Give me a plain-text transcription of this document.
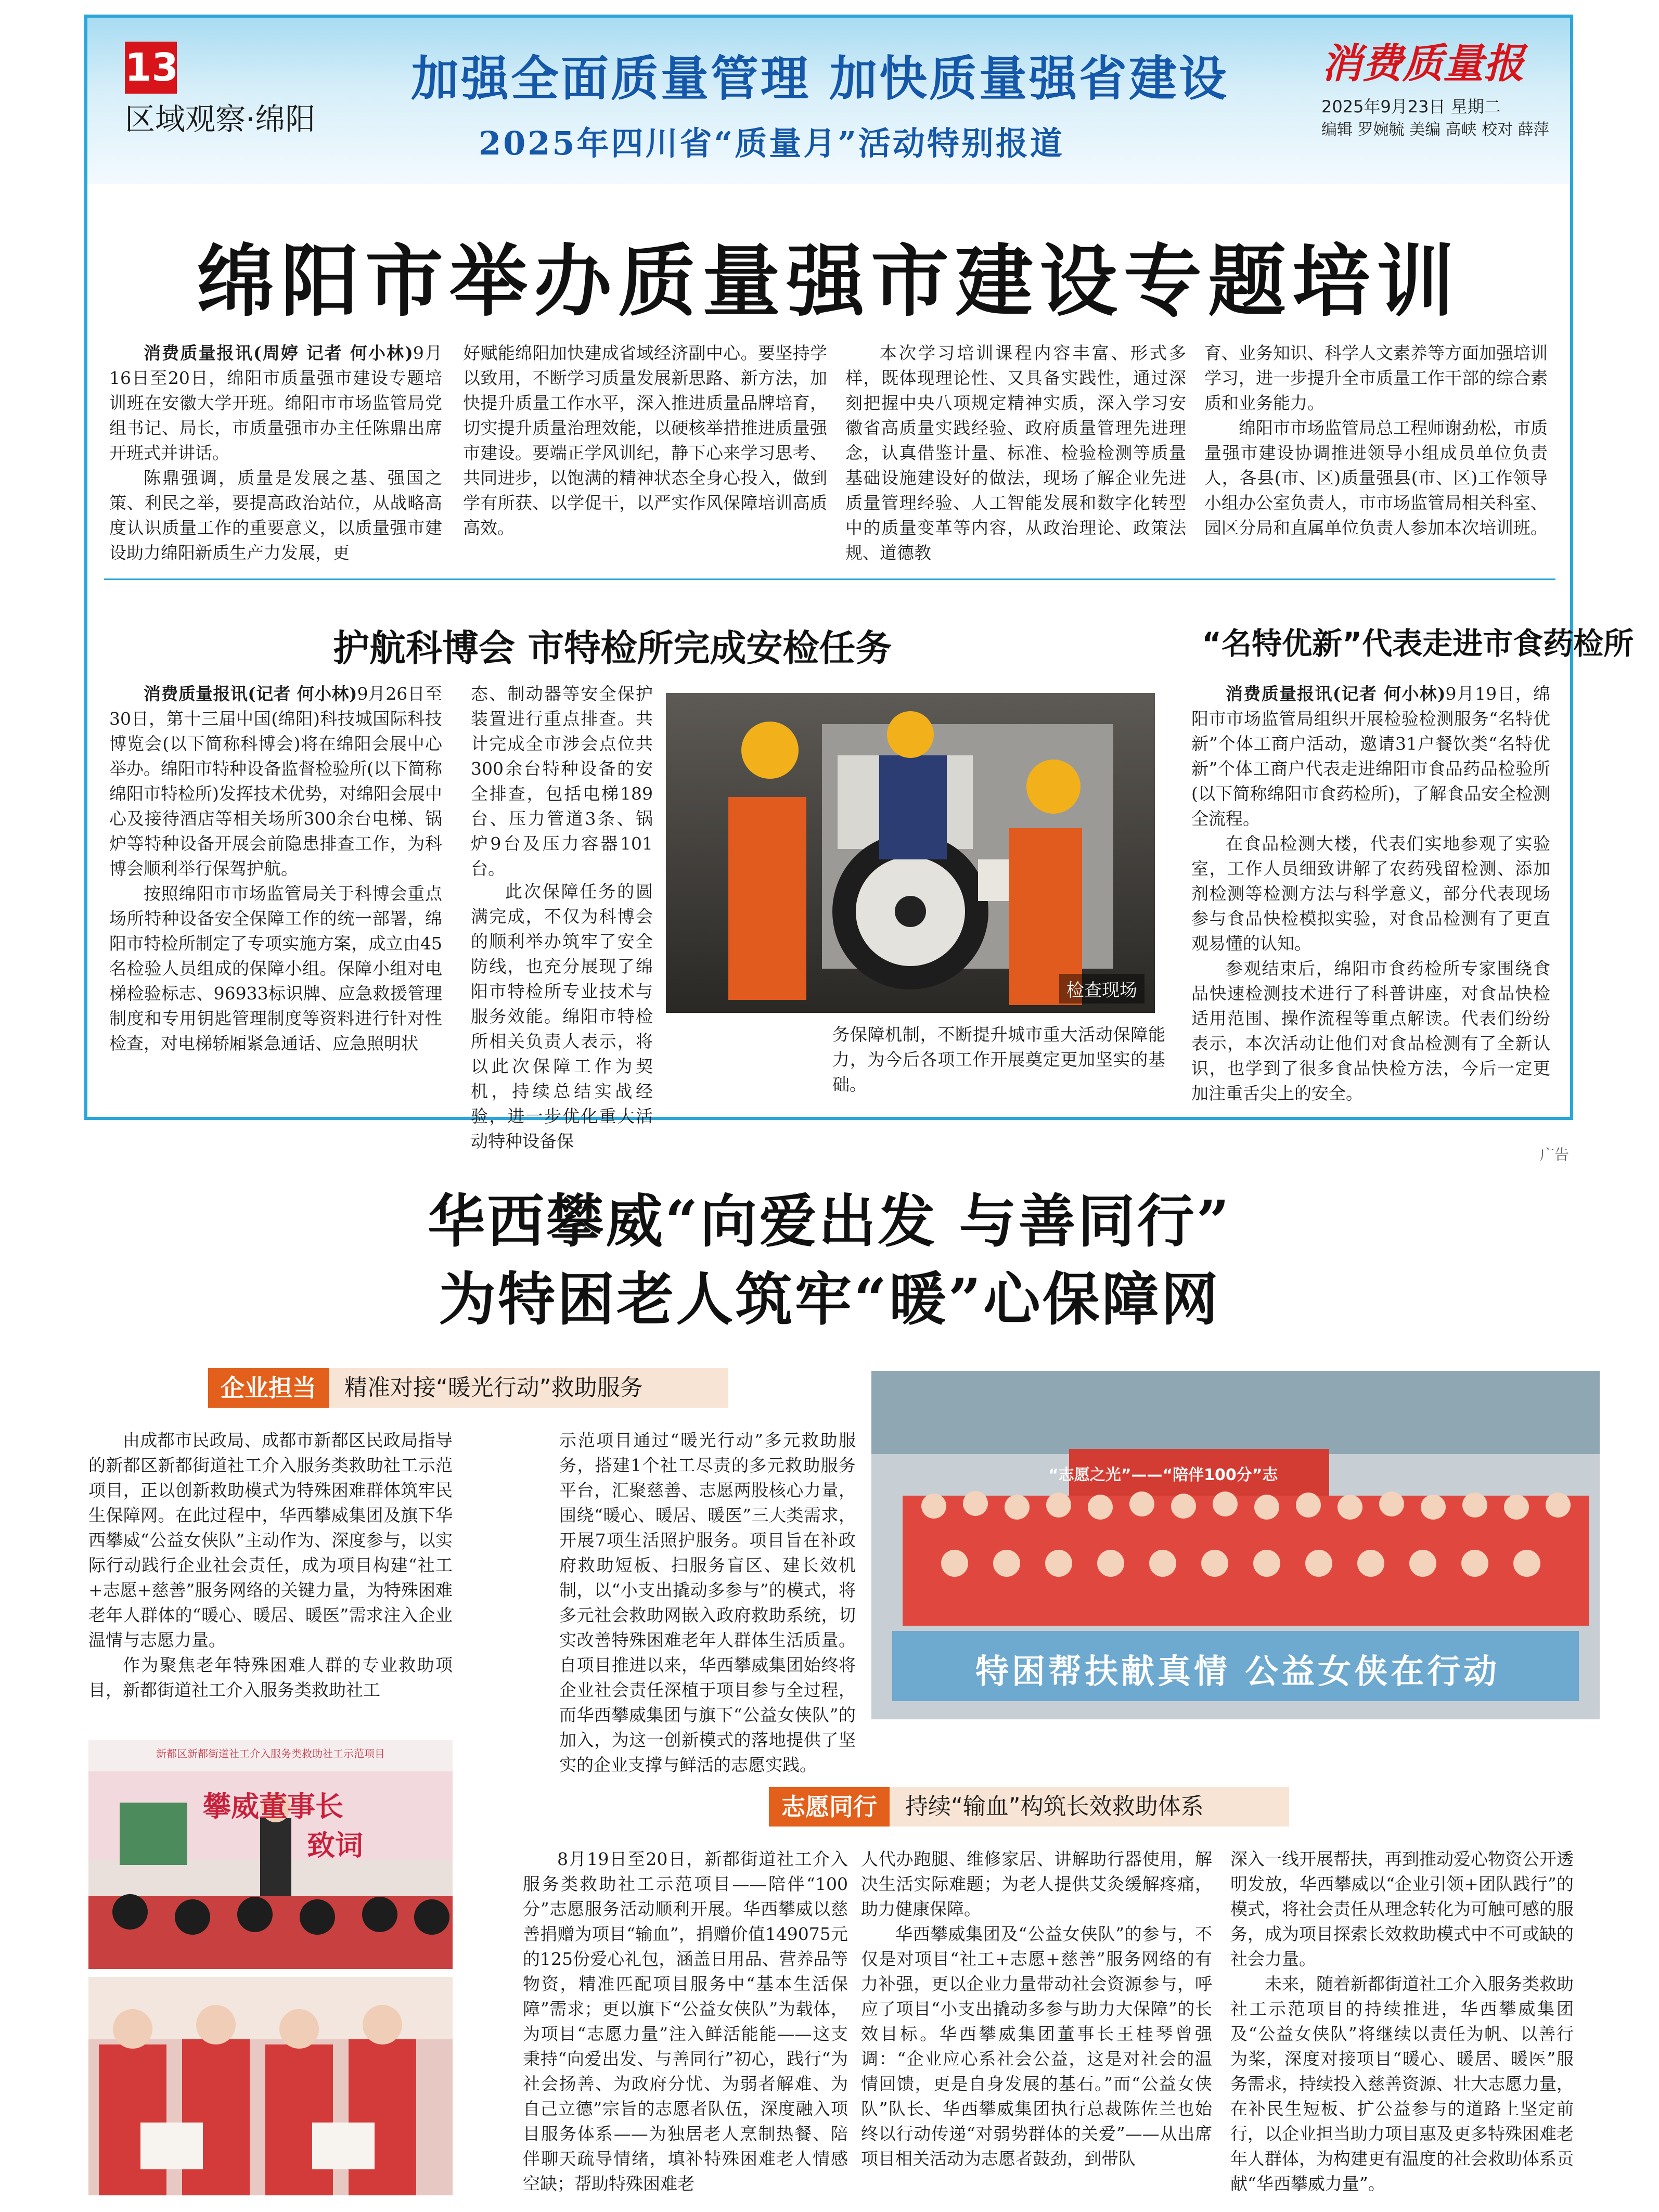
13
区域观察·绵阳
加强全面质量管理 加快质量强省建设
2025年四川省“质量月”活动特别报道
消费质量报
2025年9月23日 星期二
编辑 罗婉毓 美编 高峡 校对 薛萍
绵阳市举办质量强市建设专题培训

消费质量报讯(周婷 记者 何小林)9月16日至20日，绵阳市质量强市建设专题培训班在安徽大学开班。绵阳市市场监管局党组书记、局长，市质量强市办主任陈鼎出席开班式并讲话。

陈鼎强调，质量是发展之基、强国之策、利民之举，要提高政治站位，从战略高度认识质量工作的重要意义，以质量强市建设助力绵阳新质生产力发展，更

好赋能绵阳加快建成省域经济副中心。要坚持学以致用，不断学习质量发展新思路、新方法，加快提升质量工作水平，深入推进质量品牌培育，切实提升质量治理效能，以硬核举措推进质量强市建设。要端正学风训纪，静下心来学习思考、共同进步，以饱满的精神状态全身心投入，做到学有所获、以学促干，以严实作风保障培训高质高效。

本次学习培训课程内容丰富、形式多样，既体现理论性、又具备实践性，通过深刻把握中央八项规定精神实质，深入学习安徽省高质量实践经验、政府质量管理先进理念，认真借鉴计量、标准、检验检测等质量基础设施建设好的做法，现场了解企业先进质量管理经验、人工智能发展和数字化转型中的质量变革等内容，从政治理论、政策法规、道德教

育、业务知识、科学人文素养等方面加强培训学习，进一步提升全市质量工作干部的综合素质和业务能力。

绵阳市市场监管局总工程师谢劲松，市质量强市建设协调推进领导小组成员单位负责人，各县(市、区)质量强县(市、区)工作领导小组办公室负责人，市市场监管局相关科室、园区分局和直属单位负责人参加本次培训班。

护航科博会 市特检所完成安检任务

消费质量报讯(记者 何小林)9月26日至30日，第十三届中国(绵阳)科技城国际科技博览会(以下简称科博会)将在绵阳会展中心举办。绵阳市特种设备监督检验所(以下简称绵阳市特检所)发挥技术优势，对绵阳会展中心及接待酒店等相关场所300余台电梯、锅炉等特种设备开展会前隐患排查工作，为科博会顺利举行保驾护航。

按照绵阳市市场监管局关于科博会重点场所特种设备安全保障工作的统一部署，绵阳市特检所制定了专项实施方案，成立由45名检验人员组成的保障小组。保障小组对电梯检验标志、96933标识牌、应急救援管理制度和专用钥匙管理制度等资料进行针对性检查，对电梯轿厢紧急通话、应急照明状

态、制动器等安全保护装置进行重点排查。共计完成全市涉会点位共300余台特种设备的安全排查，包括电梯189台、压力管道3条、锅炉9台及压力容器101台。

此次保障任务的圆满完成，不仅为科博会的顺利举办筑牢了安全防线，也充分展现了绵阳市特检所专业技术与服务效能。绵阳市特检所相关负责人表示，将以此次保障工作为契机，持续总结实战经验，进一步优化重大活动特种设备保

务保障机制，不断提升城市重大活动保障能力，为今后各项工作开展奠定更加坚实的基础。

检查现场
“名特优新”代表走进市食药检所

消费质量报讯(记者 何小林)9月19日，绵阳市市场监管局组织开展检验检测服务“名特优新”个体工商户活动，邀请31户餐饮类“名特优新”个体工商户代表走进绵阳市食品药品检验所(以下简称绵阳市食药检所)，了解食品安全检测全流程。

在食品检测大楼，代表们实地参观了实验室，工作人员细致讲解了农药残留检测、添加剂检测等检测方法与科学意义，部分代表现场参与食品快检模拟实验，对食品检测有了更直观易懂的认知。

参观结束后，绵阳市食药检所专家围绕食品快速检测技术进行了科普讲座，对食品快检适用范围、操作流程等重点解读。代表们纷纷表示，本次活动让他们对食品检测有了全新认识，也学到了很多食品快检方法，今后一定更加注重舌尖上的安全。

广告
华西攀威“向爱出发 与善同行”
为特困老人筑牢“暖”心保障网
企业担当	精准对接“暖光行动”救助服务

由成都市民政局、成都市新都区民政局指导的新都区新都街道社工介入服务类救助社工示范项目，正以创新救助模式为特殊困难群体筑牢民生保障网。在此过程中，华西攀威集团及旗下华西攀威“公益女侠队”主动作为、深度参与，以实际行动践行企业社会责任，成为项目构建“社工+志愿+慈善”服务网络的关键力量，为特殊困难老年人群体的“暖心、暖居、暖医”需求注入企业温情与志愿力量。

作为聚焦老年特殊困难人群的专业救助项目，新都街道社工介入服务类救助社工

示范项目通过“暖光行动”多元救助服务，搭建1个社工尽责的多元救助服务平台，汇聚慈善、志愿两股核心力量，围绕“暖心、暖居、暖医”三大类需求，开展7项生活照护服务。项目旨在补政府救助短板、扫服务盲区、建长效机制，以“小支出撬动多参与”的模式，将多元社会救助网嵌入政府救助系统，切实改善特殊困难老年人群体生活质量。自项目推进以来，华西攀威集团始终将企业社会责任深植于项目参与全过程，而华西攀威集团与旗下“公益女侠队”的加入，为这一创新模式的落地提供了坚实的企业支撑与鲜活的志愿实践。

“志愿之光”——“陪伴100分”志
特困帮扶献真情 公益女侠在行动
新都区新都街道社工介入服务类救助社工示范项目
攀威董事长
致词
志愿同行	持续“输血”构筑长效救助体系

8月19日至20日，新都街道社工介入服务类救助社工示范项目——陪伴“100分”志愿服务活动顺利开展。华西攀威以慈善捐赠为项目“输血”，捐赠价值149075元的125份爱心礼包，涵盖日用品、营养品等物资，精准匹配项目服务中“基本生活保障”需求；更以旗下“公益女侠队”为载体，为项目“志愿力量”注入鲜活能能——这支秉持“向爱出发、与善同行”初心，践行“为社会扬善、为政府分忧、为弱者解难、为自己立德”宗旨的志愿者队伍，深度融入项目服务体系——为独居老人烹制热餐、陪伴聊天疏导情绪，填补特殊困难老人情感空缺；帮助特殊困难老

人代办跑腿、维修家居、讲解助行器使用，解决生活实际难题；为老人提供艾灸缓解疼痛，助力健康保障。

华西攀威集团及“公益女侠队”的参与，不仅是对项目“社工+志愿+慈善”服务网络的有力补强，更以企业力量带动社会资源参与，呼应了项目“小支出撬动多参与助力大保障”的长效目标。华西攀威集团董事长王桂琴曾强调：“企业应心系社会公益，这是对社会的温情回馈，更是自身发展的基石。”而“公益女侠队”队长、华西攀威集团执行总裁陈佐兰也始终以行动传递“对弱势群体的关爱”——从出席项目相关活动为志愿者鼓劲，到带队

深入一线开展帮扶，再到推动爱心物资公开透明发放，华西攀威以“企业引领+团队践行”的模式，将社会责任从理念转化为可触可感的服务，成为项目探索长效救助模式中不可或缺的社会力量。

未来，随着新都街道社工介入服务类救助社工示范项目的持续推进，华西攀威集团及“公益女侠队”将继续以责任为帆、以善行为桨，深度对接项目“暖心、暖居、暖医”服务需求，持续投入慈善资源、壮大志愿力量，在补民生短板、扩公益参与的道路上坚定前行，以企业担当助力项目惠及更多特殊困难老年人群体，为构建更有温度的社会救助体系贡献“华西攀威力量”。
